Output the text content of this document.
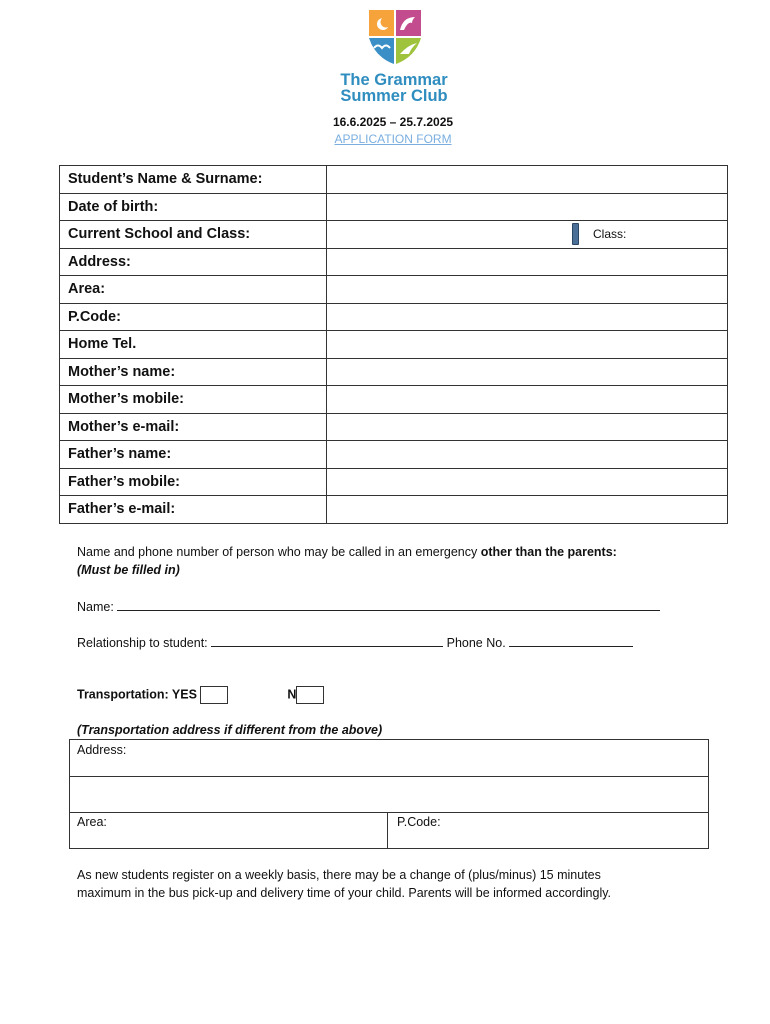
The Grammar
Summer Club
16.6.2025 – 25.7.2025
APPLICATION FORM
Student’s Name & Surname:	
Date of birth:	
Current School and Class:	Class:

Address:	
Area:	
P.Code:	
Home Tel.	
Mother’s name:	
Mother’s mobile:	
Mother’s e-mail:	
Father’s name:	
Father’s mobile:	
Father’s e-mail:	
Name and phone number of person who may be called in an emergency other than the parents:
(Must be filled in)
Name:
Relationship to student:	Phone No.
Transportation: YES	N
(Transportation address if different from the above)
Address:
Area:	P.Code:
As new students register on a weekly basis, there may be a change of (plus/minus) 15 minutes
maximum in the bus pick-up and delivery time of your child. Parents will be informed accordingly.
